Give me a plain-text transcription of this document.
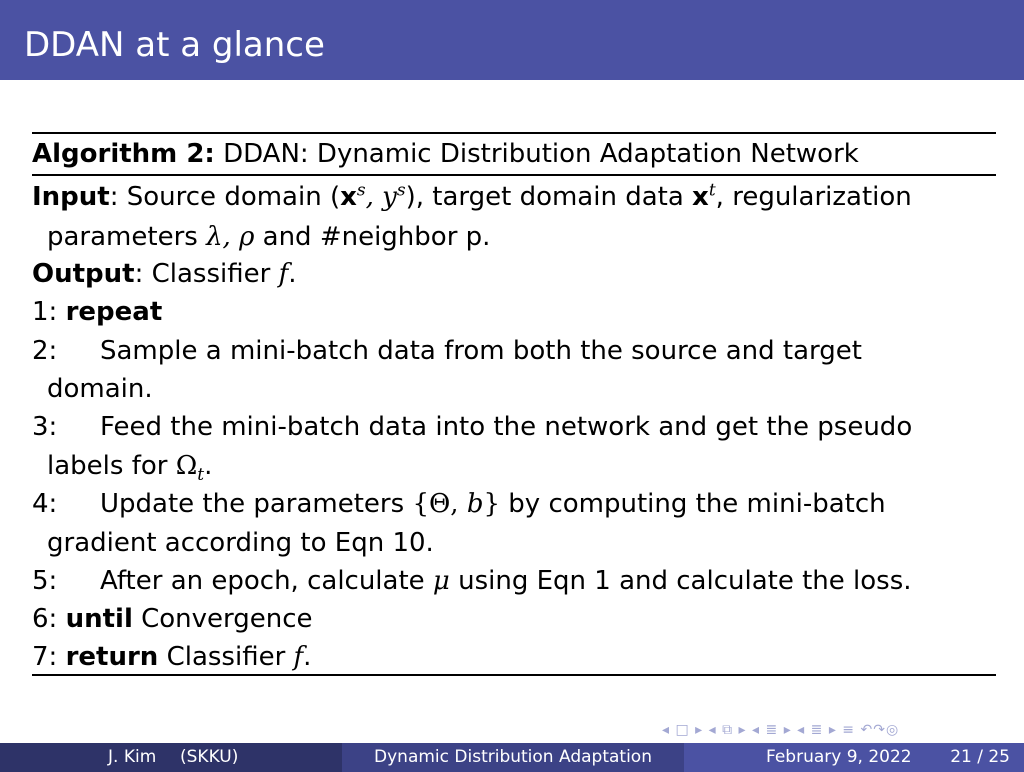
DDAN at a glance
Algorithm 2: DDAN: Dynamic Distribution Adaptation Network
Input: Source domain ($x^s$, $y^s$), target domain data $x^t$, regularization
parameters λ, ρ and #neighbor p.
Output: Classifier f.
1: repeat
2: Sample a mini-batch data from both the source and target
domain.
3: Feed the mini-batch data into the network and get the pseudo
labels for $\Omega_t$.
4: Update the parameters {Θ, b} by computing the mini-batch
gradient according to Eqn 10.
5: After an epoch, calculate μ using Eqn 1 and calculate the loss.
6: until Convergence
7: return Classifier f.
◂ □ ▸ ◂ ⧉ ▸ ◂ ≣ ▸ ◂ ≣ ▸ ≡ ↶↷◎
J. Kim (SKKU)	Dynamic Distribution Adaptation	February 9, 2022 21 / 25
